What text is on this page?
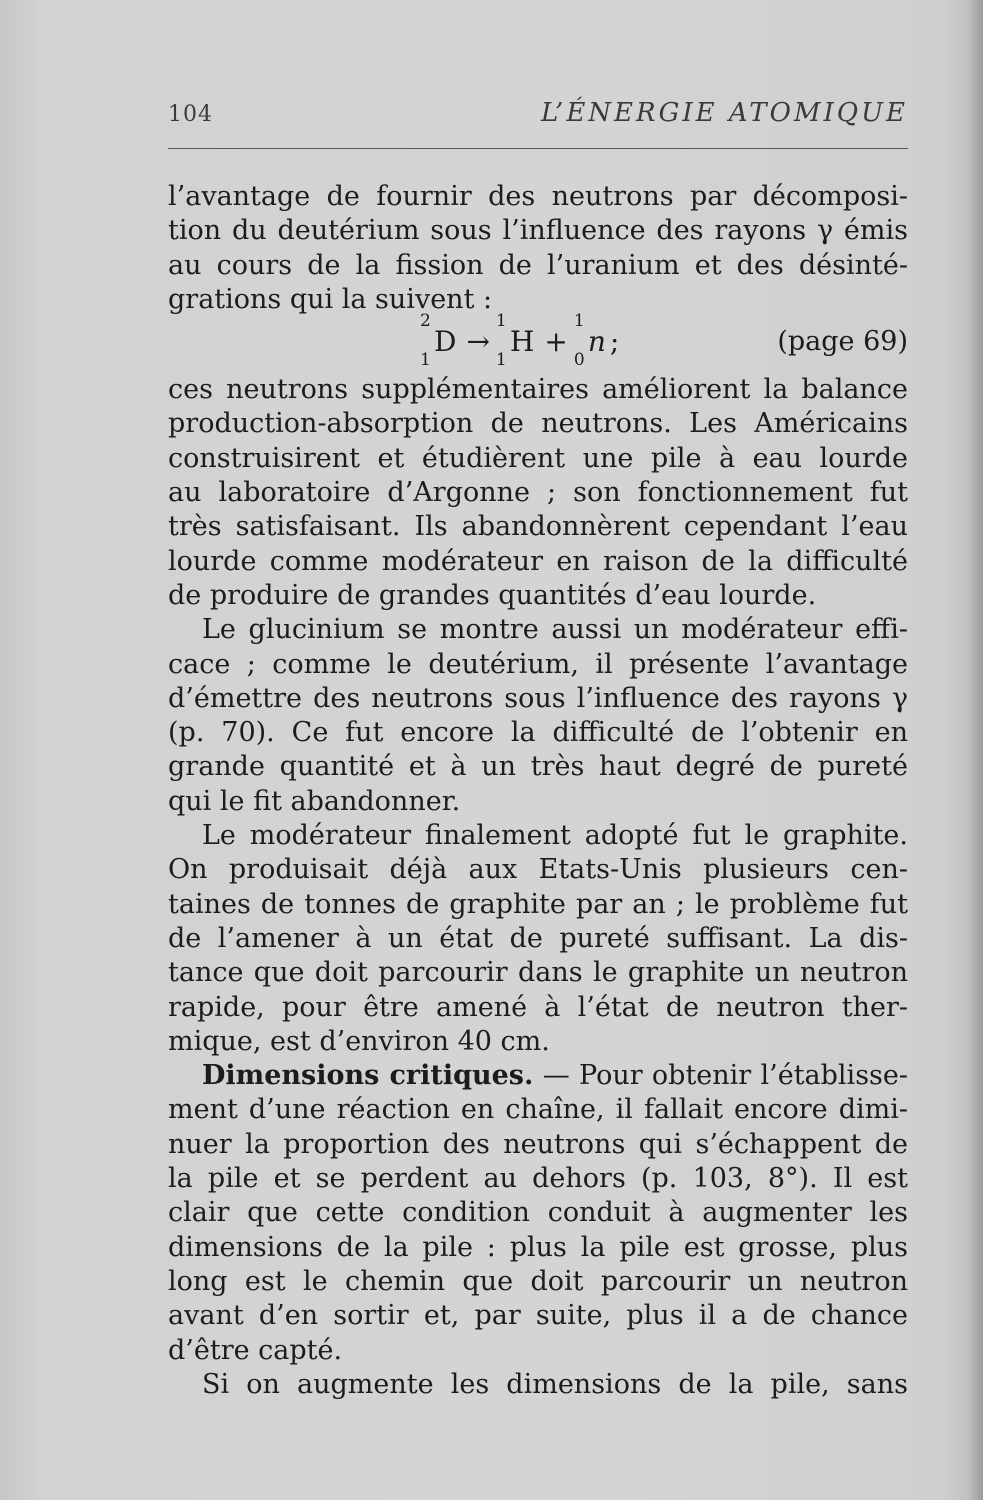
104	L’ÉNERGIE ATOMIQUE
l’avantage de fournir des neutrons par décomposi-
tion du deutérium sous l’influence des rayons γ émis
au cours de la fission de l’uranium et des désinté-
grations qui la suivent :
2
1
D →
1
1
H +
1
0
n ;	(page 69)
ces neutrons supplémentaires améliorent la balance
production-absorption de neutrons. Les Américains
construisirent et étudièrent une pile à eau lourde
au laboratoire d’Argonne ; son fonctionnement fut
très satisfaisant. Ils abandonnèrent cependant l’eau
lourde comme modérateur en raison de la difficulté
de produire de grandes quantités d’eau lourde.
Le glucinium se montre aussi un modérateur effi-
cace ; comme le deutérium, il présente l’avantage
d’émettre des neutrons sous l’influence des rayons γ
(p. 70). Ce fut encore la difficulté de l’obtenir en
grande quantité et à un très haut degré de pureté
qui le fit abandonner.
Le modérateur finalement adopté fut le graphite.
On produisait déjà aux Etats-Unis plusieurs cen-
taines de tonnes de graphite par an ; le problème fut
de l’amener à un état de pureté suffisant. La dis-
tance que doit parcourir dans le graphite un neutron
rapide, pour être amené à l’état de neutron ther-
mique, est d’environ 40 cm.
Dimensions critiques. — Pour obtenir l’établisse-
ment d’une réaction en chaîne, il fallait encore dimi-
nuer la proportion des neutrons qui s’échappent de
la pile et se perdent au dehors (p. 103, 8°). Il est
clair que cette condition conduit à augmenter les
dimensions de la pile : plus la pile est grosse, plus
long est le chemin que doit parcourir un neutron
avant d’en sortir et, par suite, plus il a de chance
d’être capté.
Si on augmente les dimensions de la pile, sans
